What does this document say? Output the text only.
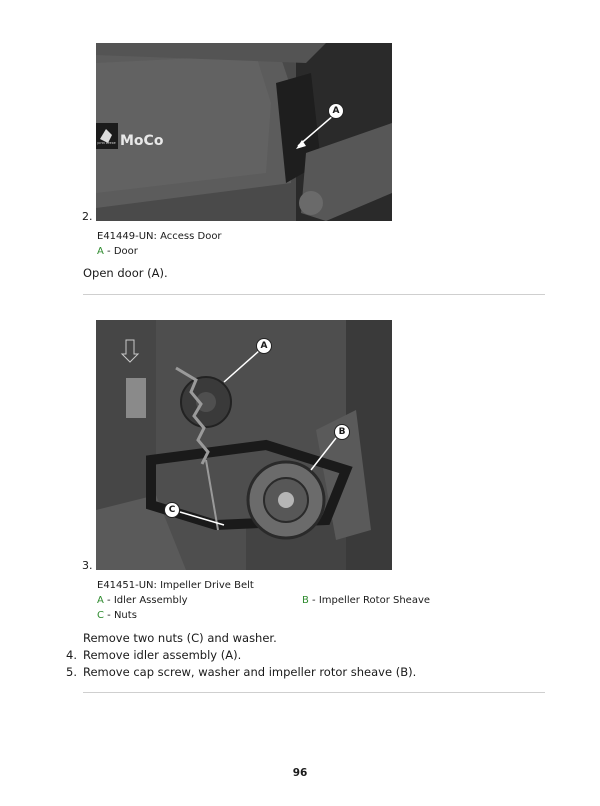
MoCo
JOHN DEERE
A
2.
E41449-UN: Access Door
A - Door
Open door (A).
A
B
C
3.
E41451-UN: Impeller Drive Belt
A - Idler Assembly	B - Impeller Rotor Sheave
C - Nuts
Remove two nuts (C) and washer.
4. Remove idler assembly (A).
5. Remove cap screw, washer and impeller rotor sheave (B).
96
